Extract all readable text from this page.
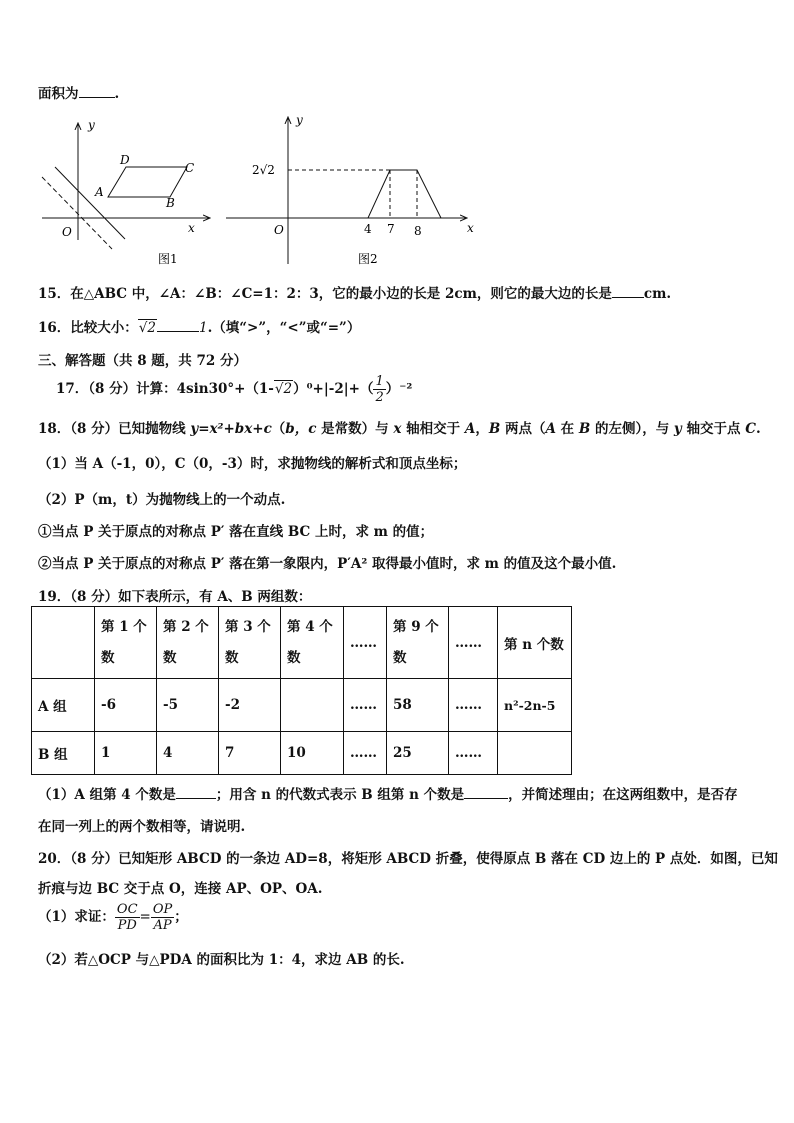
面积为	.
y
x
O
D
C
A
B
图1
y
x
O
2√2
4 7 8
图2
15．在△ABC 中，∠A：∠B：∠C=1：2：3，它的最小边的长是 2cm，则它的最大边的长是 cm.
16．比较大小：√2	1.（填“>”，“<”或“=”）
三、解答题（共 8 题，共 72 分）
17．（8 分）计算：$4\sin 30^\circ+(1-√2)^0+|-2|+( \frac{1}{2} )^{-2}$
18．（8 分）已知抛物线 y=x²+bx+c（b，c 是常数）与 x 轴相交于 A，B 两点（A 在 B 的左侧），与 y 轴交于点 C.
（1）当 A（-1，0），C（0，-3）时，求抛物线的解析式和顶点坐标；
（2）P（m，t）为抛物线上的一个动点.
①当点 P 关于原点的对称点 P′ 落在直线 BC 上时，求 m 的值；
②当点 P 关于原点的对称点 P′ 落在第一象限内，P′A² 取得最小值时，求 m 的值及这个最小值.
19．（8 分）如下表所示，有 A、B 两组数：
	第 1 个数	第 2 个数	第 3 个数	第 4 个数	……	第 9 个数	……	第 n 个数
A 组	-6	-5	-2		……	58	……	n²-2n-5
B 组	1	4	7	10	……	25	……	
（1）A 组第 4 个数是	；用含 n 的代数式表示 B 组第 n 个数是	，并简述理由；在这两组数中，是否存
在同一列上的两个数相等，请说明.
20．（8 分）已知矩形 ABCD 的一条边 AD=8，将矩形 ABCD 折叠，使得原点 B 落在 CD 边上的 P 点处．如图，已知
折痕与边 BC 交于点 O，连接 AP、OP、OA.
（1）求证： $\frac{OC}{PD} = \frac{OP}{AP}$ ；
（2）若△OCP 与△PDA 的面积比为 1：4，求边 AB 的长.
